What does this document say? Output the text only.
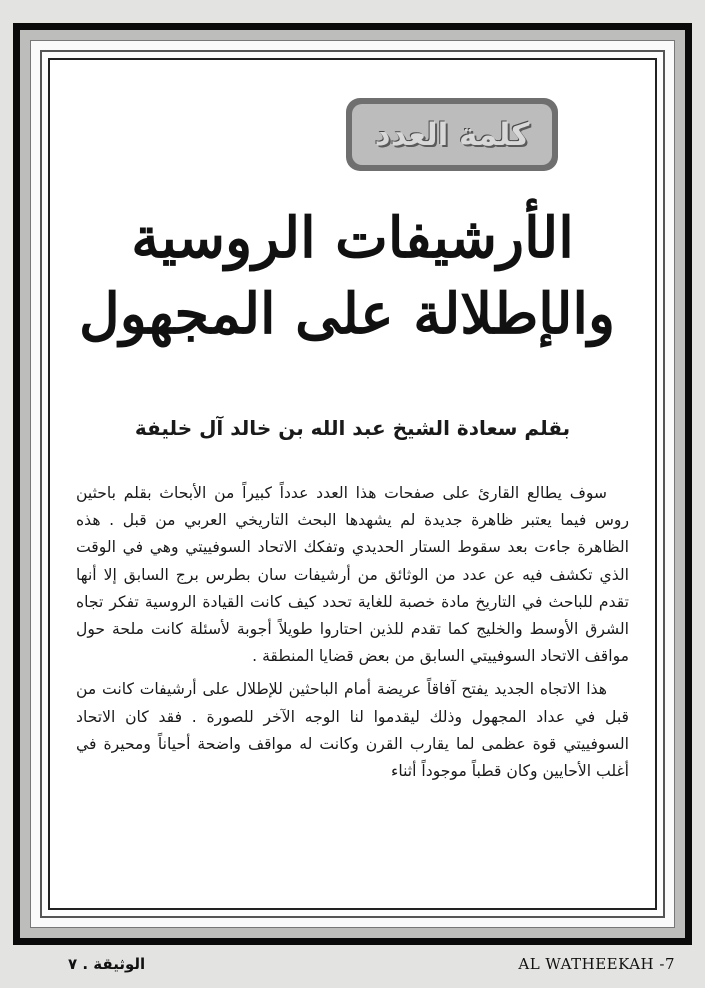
كلمة العدد
الأرشيفات الروسية
والإطلالة على المجهول
بقلم سعادة الشيخ عبد الله بن خالد آل خليفة

سوف يطالع القارئ على صفحات هذا العدد عدداً كبيراً من الأبحاث بقلم باحثين روس فيما يعتبر ظاهرة جديدة لم يشهدها البحث التاريخي العربي من قبل . هذه الظاهرة جاءت بعد سقوط الستار الحديدي وتفكك الاتحاد السوفييتي وهي في الوقت الذي تكشف فيه عن عدد من الوثائق من أرشيفات سان بطرس برج السابق إلا أنها تقدم للباحث في التاريخ مادة خصبة للغاية تحدد كيف كانت القيادة الروسية تفكر تجاه الشرق الأوسط والخليج كما تقدم للذين احتاروا طويلاً أجوبة لأسئلة كانت ملحة حول مواقف الاتحاد السوفييتي السابق من بعض قضايا المنطقة .

هذا الاتجاه الجديد يفتح آفاقاً عريضة أمام الباحثين للإطلال على أرشيفات كانت من قبل في عداد المجهول وذلك ليقدموا لنا الوجه الآخر للصورة . فقد كان الاتحاد السوفييتي قوة عظمى لما يقارب القرن وكانت له مواقف واضحة أحياناً ومحيرة في أغلب الأحايين وكان قطباً موجوداً أثناء

AL WATHEEKAH -7
الوثيقة . ٧
